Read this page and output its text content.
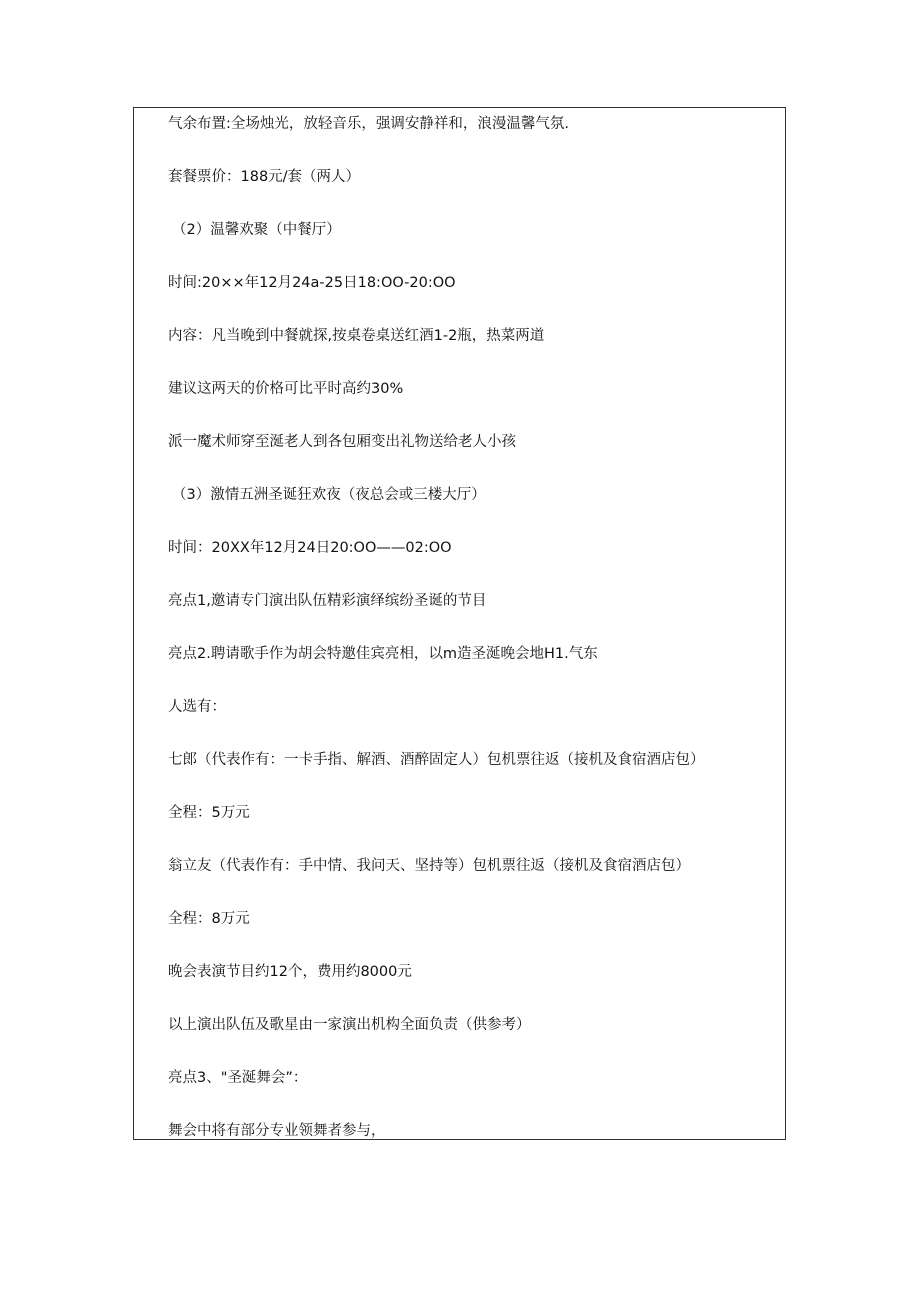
气余布置:全场烛光，放轻音乐，强调安静祥和，浪漫温馨气氛.

套餐票价：188元/套（两人）

（2）温馨欢聚（中餐厅）

时间:20××年12月24a-25日18:OO-20:OO

内容：凡当晚到中餐就探,按桌卷桌送红酒1-2瓶，热菜两道

建议这两天的价格可比平时高约30%

派一魔术师穿至涎老人到各包厢变出礼物送给老人小孩

（3）激情五洲圣诞狂欢夜（夜总会或三楼大厅）

时间：20XX年12月24日20:OO——02:OO

亮点1,邀请专门演出队伍精彩演绎缤纷圣诞的节目

亮点2.聘请歌手作为胡会特邀佳宾亮相，以m造圣涎晚会地H1.气东

人选有：

七郎（代表作有：一卡手指、解酒、酒醉固定人）包机票往返（接机及食宿酒店包）

全程：5万元

翁立友（代表作有：手中情、我问天、坚持等）包机票往返（接机及食宿酒店包）

全程：8万元

晚会表演节目约12个，费用约8000元

以上演出队伍及歌星由一家演出机构全面负责（供参考）

亮点3、"圣涎舞会”：

舞会中将有部分专业领舞者参与，
